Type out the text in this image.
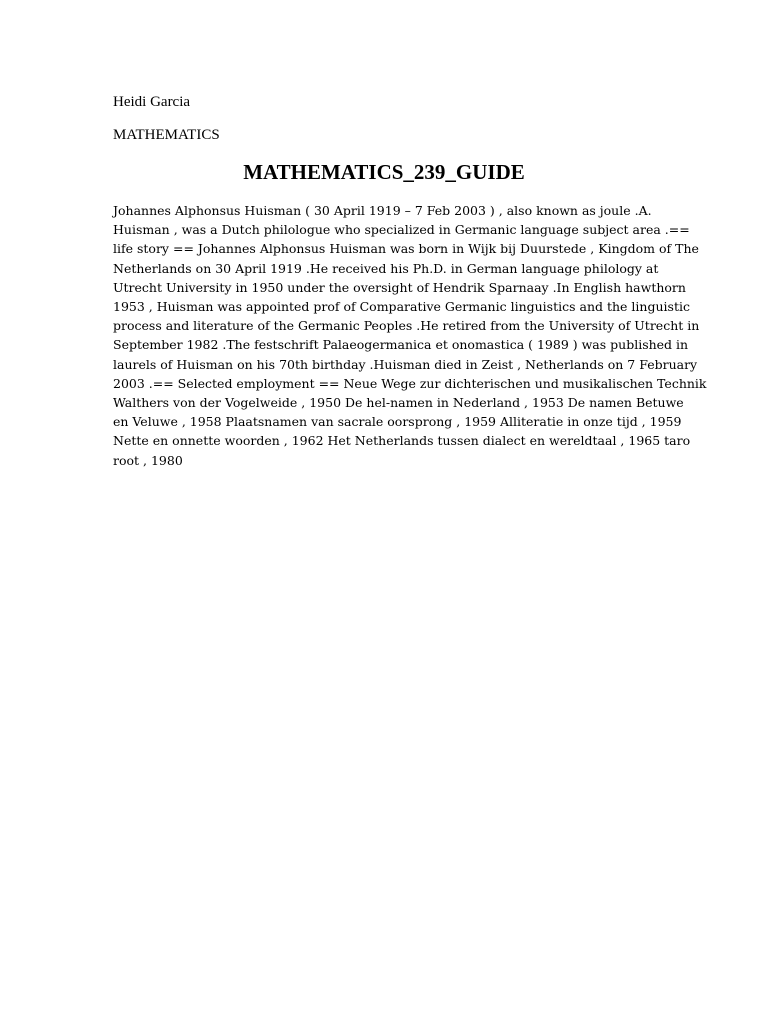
Heidi Garcia
MATHEMATICS
MATHEMATICS_239_GUIDE
Johannes Alphonsus Huisman ( 30 April 1919 – 7 Feb 2003 ) , also known as joule .A.
Huisman , was a Dutch philologue who specialized in Germanic language subject area .==
life story == Johannes Alphonsus Huisman was born in Wijk bij Duurstede , Kingdom of The
Netherlands on 30 April 1919 .He received his Ph.D. in German language philology at
Utrecht University in 1950 under the oversight of Hendrik Sparnaay .In English hawthorn
1953 , Huisman was appointed prof of Comparative Germanic linguistics and the linguistic
process and literature of the Germanic Peoples .He retired from the University of Utrecht in
September 1982 .The festschrift Palaeogermanica et onomastica ( 1989 ) was published in
laurels of Huisman on his 70th birthday .Huisman died in Zeist , Netherlands on 7 February
2003 .== Selected employment == Neue Wege zur dichterischen und musikalischen Technik
Walthers von der Vogelweide , 1950 De hel-namen in Nederland , 1953 De namen Betuwe
en Veluwe , 1958 Plaatsnamen van sacrale oorsprong , 1959 Alliteratie in onze tijd , 1959
Nette en onnette woorden , 1962 Het Netherlands tussen dialect en wereldtaal , 1965 taro
root , 1980
